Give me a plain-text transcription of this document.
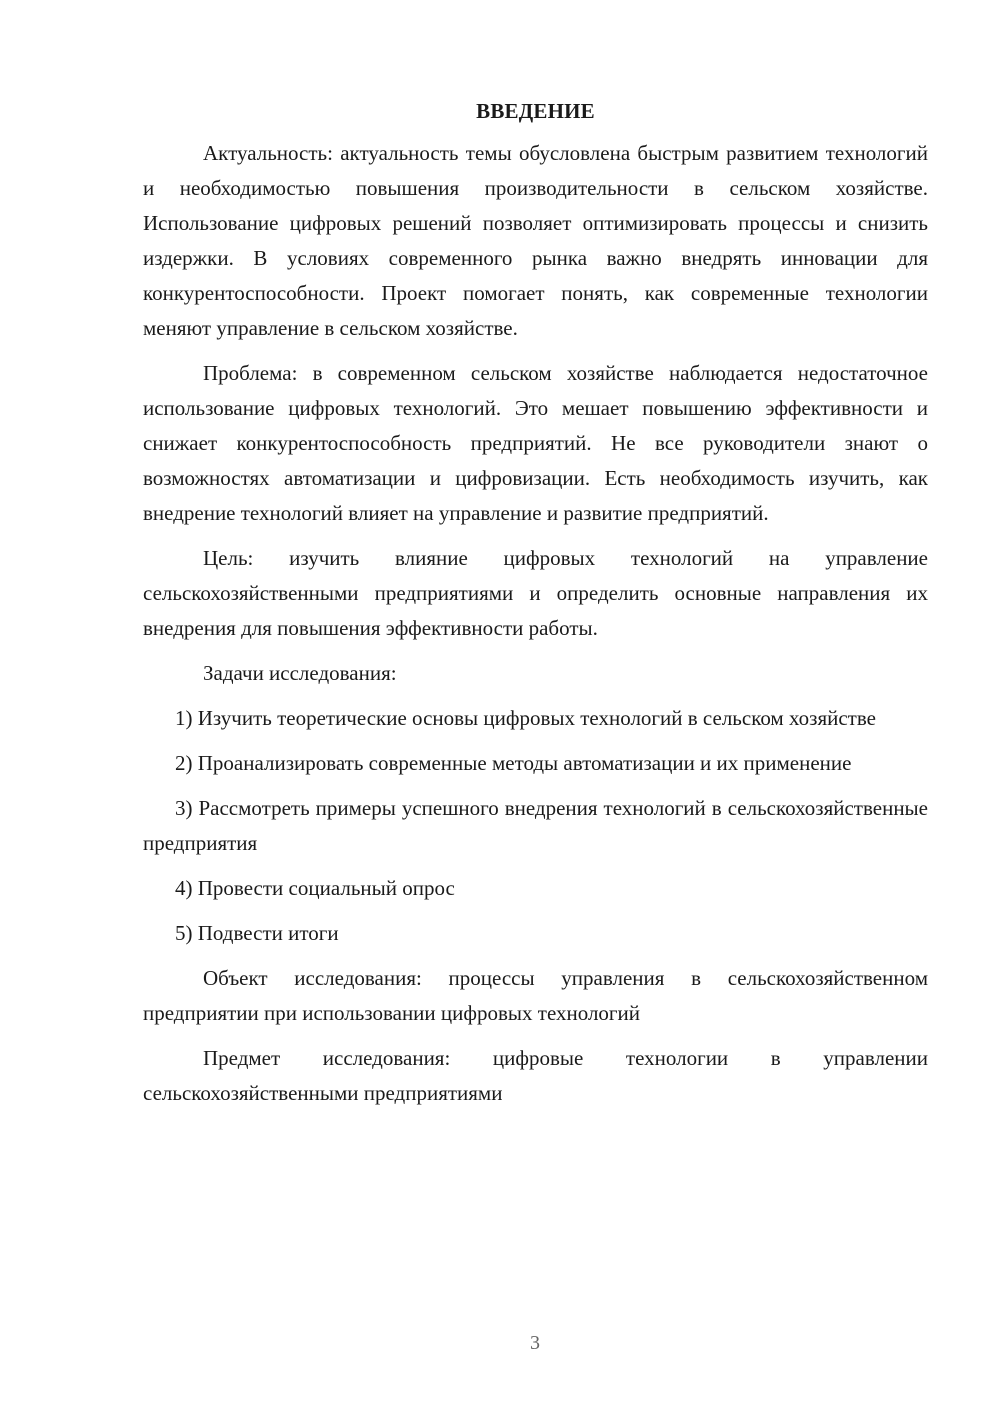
ВВЕДЕНИЕ

Актуальность: актуальность темы обусловлена быстрым развитием технологий и необходимостью повышения производительности в сельском хозяйстве. Использование цифровых решений позволяет оптимизировать процессы и снизить издержки. В условиях современного рынка важно внедрять инновации для конкурентоспособности. Проект помогает понять, как современные технологии меняют управление в сельском хозяйстве.

Проблема: в современном сельском хозяйстве наблюдается недостаточное использование цифровых технологий. Это мешает повышению эффективности и снижает конкурентоспособность предприятий. Не все руководители знают о возможностях автоматизации и цифровизации. Есть необходимость изучить, как внедрение технологий влияет на управление и развитие предприятий.

Цель: изучить влияние цифровых технологий на управление сельскохозяйственными предприятиями и определить основные направления их внедрения для повышения эффективности работы.

Задачи исследования:

1) Изучить теоретические основы цифровых технологий в сельском хозяйстве

2) Проанализировать современные методы автоматизации и их применение

3) Рассмотреть примеры успешного внедрения технологий в сельскохозяйственные предприятия

4) Провести социальный опрос

5) Подвести итоги

Объект исследования: процессы управления в сельскохозяйственном предприятии при использовании цифровых технологий

Предмет исследования: цифровые технологии в управлении сельскохозяйственными предприятиями

3
